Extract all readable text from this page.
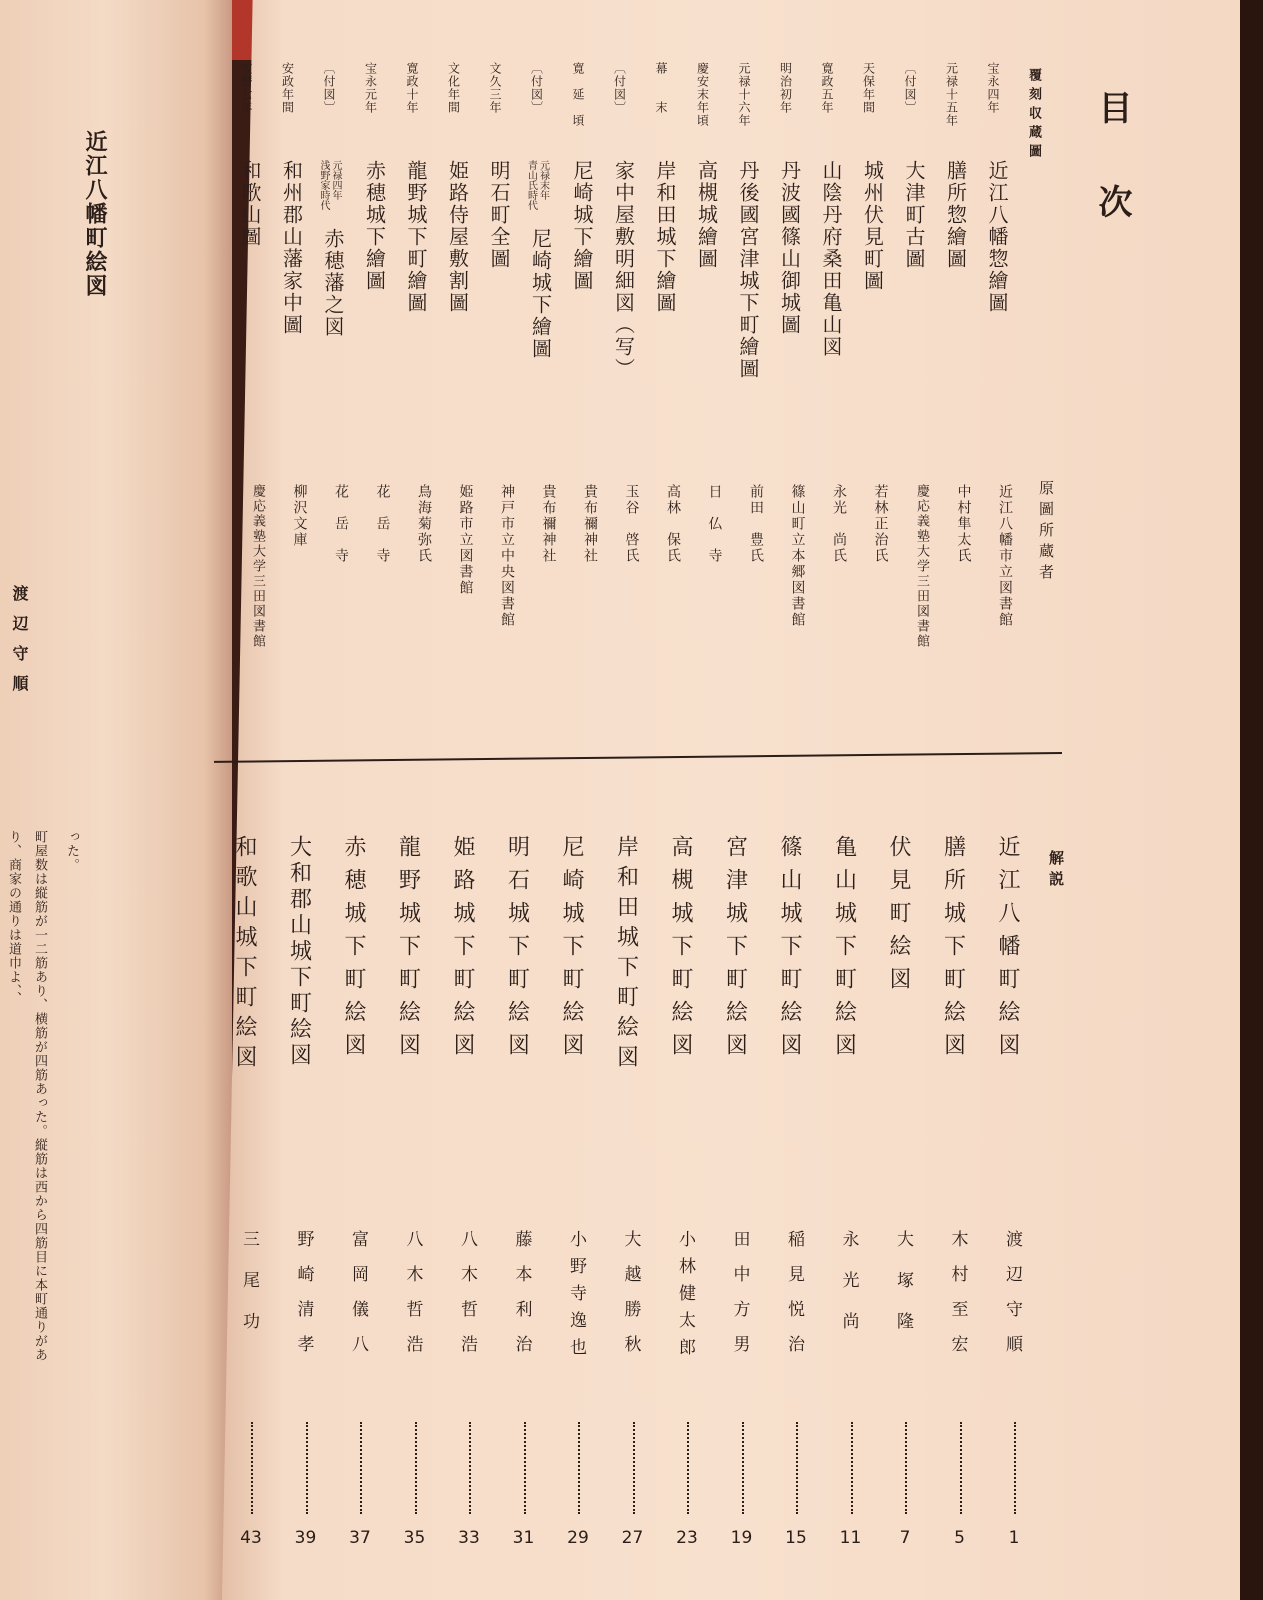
近江八幡町絵図
渡辺守順
った。
町屋数は縦筋が一二筋あり、横筋が四筋あった。縦筋は西から四筋目に本町通りがあ
り、商家の通りは道巾よ、、
目次
覆刻収蔵圖
原圖所蔵者
解説
宝永四年
近江八幡惣繪圖
近江八幡市立図書館
元禄十五年
膳所惣繪圖
中村隼太氏
〔付図〕
大津町古圖
慶応義塾大学三田図書館
天保年間
城州伏見町圖
若林正治氏
寛政五年
山陰丹府桑田亀山図
永光　尚氏
明治初年
丹波國篠山御城圖
篠山町立本郷図書館
元禄十六年
丹後國宮津城下町繪圖
前田　豊氏
慶安末年頃
高槻城繪圖
日　仏　寺
幕　　末
岸和田城下繪圖
高林　保氏
〔付図〕
家中屋敷明細図（写）
玉谷　啓氏
寛　延　頃
尼崎城下繪圖
貴布禰神社
〔付図〕
元禄末年
青山氏時代
尼崎城下繪圖
貴布禰神社
文久三年
明石町全圖
神戸市立中央図書館
文化年間
姫路侍屋敷割圖
姫路市立図書館
寛政十年
龍野城下町繪圖
鳥海菊弥氏
宝永元年
赤穂城下繪圖
花　岳　寺
〔付図〕
元禄四年
浅野家時代
赤穂藩之図
花　岳　寺
安政年間
和州郡山藩家中圖
柳沢文庫
宝暦七年
和歌山圖
慶応義塾大学三田図書館
近江八幡町絵図
渡辺守順
1
膳所城下町絵図
木村至宏
5
伏見町絵図
大塚隆
7
亀山城下町絵図
永光尚
11
篠山城下町絵図
稲見悦治
15
宮津城下町絵図
田中方男
19
高槻城下町絵図
小林健太郎
23
岸和田城下町絵図
大越勝秋
27
尼崎城下町絵図
小野寺逸也
29
明石城下町絵図
藤本利治
31
姫路城下町絵図
八木哲浩
33
龍野城下町絵図
八木哲浩
35
赤穂城下町絵図
富岡儀八
37
大和郡山城下町絵図
野崎清孝
39
和歌山城下町絵図
三尾功
43
